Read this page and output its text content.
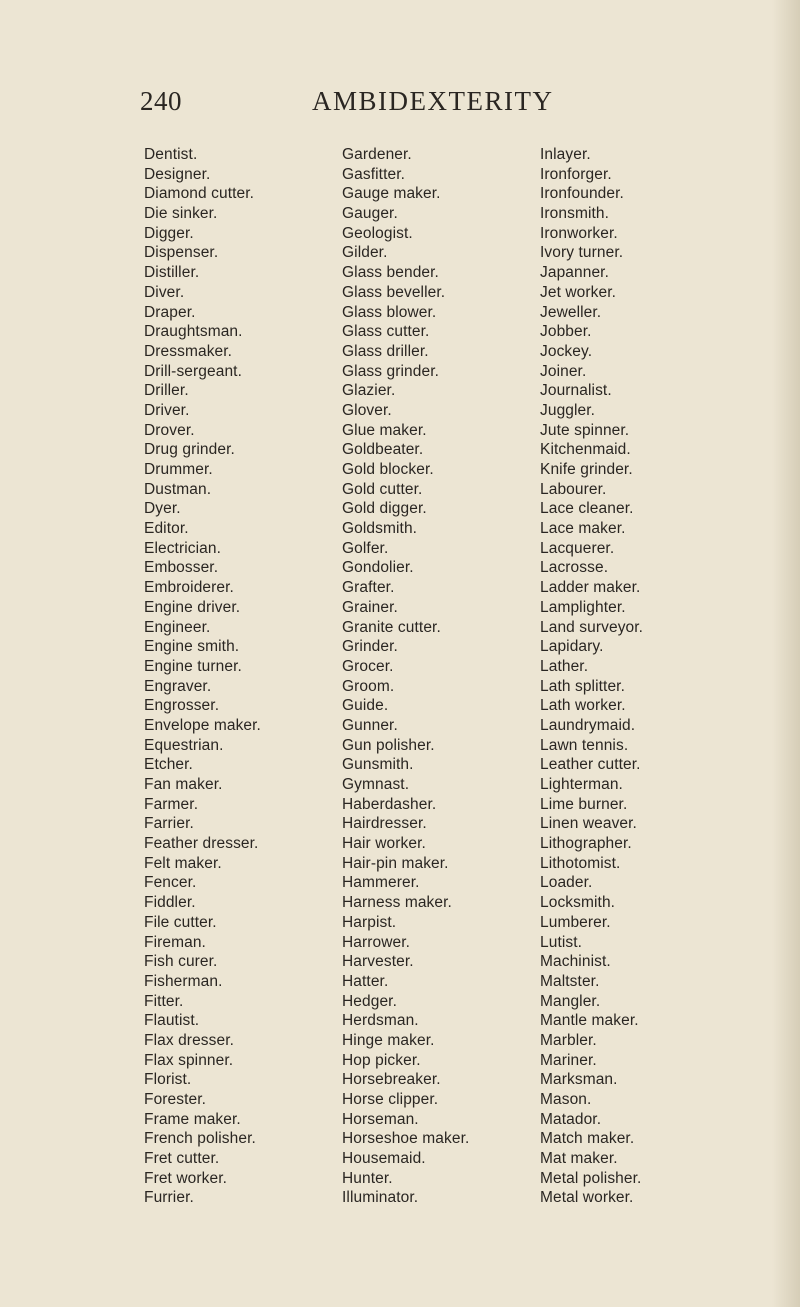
240	AMBIDEXTERITY
Dentist.
Designer.
Diamond cutter.
Die sinker.
Digger.
Dispenser.
Distiller.
Diver.
Draper.
Draughtsman.
Dressmaker.
Drill-sergeant.
Driller.
Driver.
Drover.
Drug grinder.
Drummer.
Dustman.
Dyer.
Editor.
Electrician.
Embosser.
Embroiderer.
Engine driver.
Engineer.
Engine smith.
Engine turner.
Engraver.
Engrosser.
Envelope maker.
Equestrian.
Etcher.
Fan maker.
Farmer.
Farrier.
Feather dresser.
Felt maker.
Fencer.
Fiddler.
File cutter.
Fireman.
Fish curer.
Fisherman.
Fitter.
Flautist.
Flax dresser.
Flax spinner.
Florist.
Forester.
Frame maker.
French polisher.
Fret cutter.
Fret worker.
Furrier.
Gardener.
Gasfitter.
Gauge maker.
Gauger.
Geologist.
Gilder.
Glass bender.
Glass beveller.
Glass blower.
Glass cutter.
Glass driller.
Glass grinder.
Glazier.
Glover.
Glue maker.
Goldbeater.
Gold blocker.
Gold cutter.
Gold digger.
Goldsmith.
Golfer.
Gondolier.
Grafter.
Grainer.
Granite cutter.
Grinder.
Grocer.
Groom.
Guide.
Gunner.
Gun polisher.
Gunsmith.
Gymnast.
Haberdasher.
Hairdresser.
Hair worker.
Hair-pin maker.
Hammerer.
Harness maker.
Harpist.
Harrower.
Harvester.
Hatter.
Hedger.
Herdsman.
Hinge maker.
Hop picker.
Horsebreaker.
Horse clipper.
Horseman.
Horseshoe maker.
Housemaid.
Hunter.
Illuminator.
Inlayer.
Ironforger.
Ironfounder.
Ironsmith.
Ironworker.
Ivory turner.
Japanner.
Jet worker.
Jeweller.
Jobber.
Jockey.
Joiner.
Journalist.
Juggler.
Jute spinner.
Kitchenmaid.
Knife grinder.
Labourer.
Lace cleaner.
Lace maker.
Lacquerer.
Lacrosse.
Ladder maker.
Lamplighter.
Land surveyor.
Lapidary.
Lather.
Lath splitter.
Lath worker.
Laundrymaid.
Lawn tennis.
Leather cutter.
Lighterman.
Lime burner.
Linen weaver.
Lithographer.
Lithotomist.
Loader.
Locksmith.
Lumberer.
Lutist.
Machinist.
Maltster.
Mangler.
Mantle maker.
Marbler.
Mariner.
Marksman.
Mason.
Matador.
Match maker.
Mat maker.
Metal polisher.
Metal worker.
